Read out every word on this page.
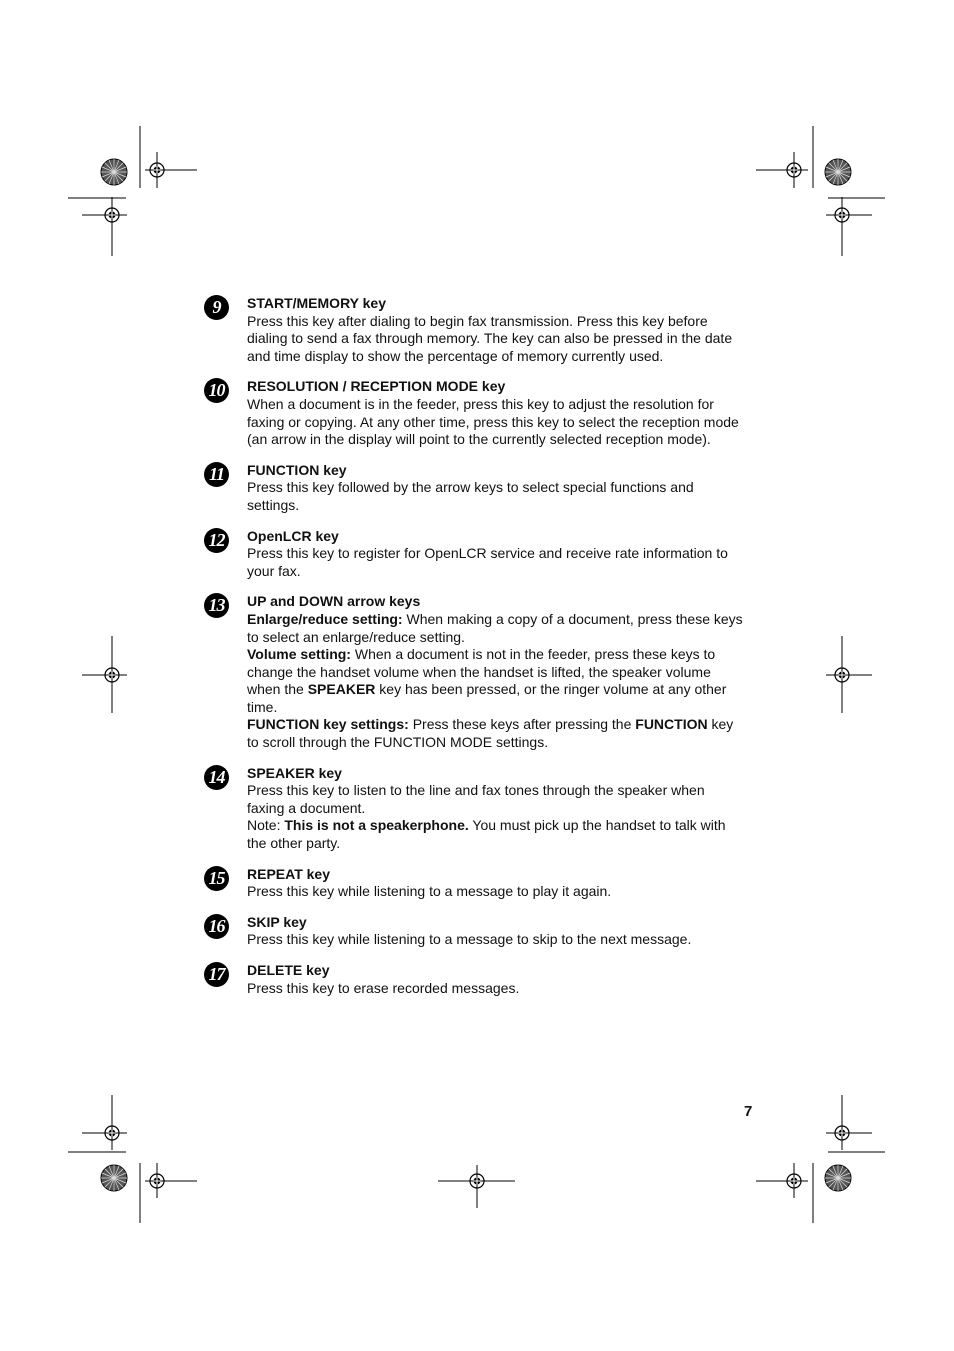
9	START/MEMORY key
Press this key after dialing to begin fax transmission. Press this key before dialing to send a fax through memory. The key can also be pressed in the date and time display to show the percentage of memory currently used.
10	RESOLUTION / RECEPTION MODE key
When a document is in the feeder, press this key to adjust the resolution for faxing or copying. At any other time, press this key to select the reception mode (an arrow in the display will point to the currently selected reception mode).
11	FUNCTION key
Press this key followed by the arrow keys to select special functions and settings.
12	OpenLCR key
Press this key to register for OpenLCR service and receive rate information to your fax.
13	UP and DOWN arrow keys
Enlarge/reduce setting: When making a copy of a document, press these keys to select an enlarge/reduce setting.
Volume setting: When a document is not in the feeder, press these keys to change the handset volume when the handset is lifted, the speaker volume when the SPEAKER key has been pressed, or the ringer volume at any other time.
FUNCTION key settings: Press these keys after pressing the FUNCTION key to scroll through the FUNCTION MODE settings.
14	SPEAKER key
Press this key to listen to the line and fax tones through the speaker when faxing a document.
Note: This is not a speakerphone. You must pick up the handset to talk with the other party.
15	REPEAT key
Press this key while listening to a message to play it again.
16	SKIP key
Press this key while listening to a message to skip to the next message.
17	DELETE key
Press this key to erase recorded messages.
7
